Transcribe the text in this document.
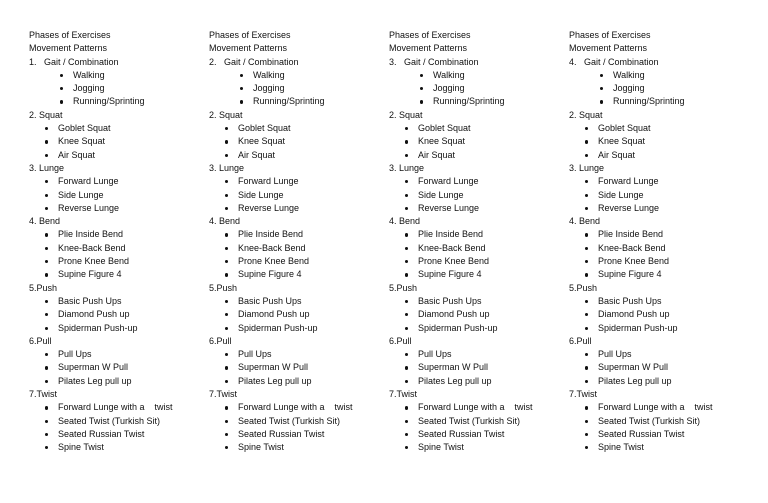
Phases of Exercises
Movement Patterns
1.   Gait / Combination
Walking
Jogging
Running/Sprinting
2. Squat
Goblet Squat
Knee Squat
Air Squat
3. Lunge
Forward Lunge
Side Lunge
Reverse Lunge
4. Bend
Plie Inside Bend
Knee-Back Bend
Prone Knee Bend
Supine Figure 4
5.Push
Basic Push Ups
Diamond Push up
Spiderman Push-up
6.Pull
Pull Ups
Superman W Pull
Pilates Leg pull up
7.Twist
Forward Lunge with a    twist
Seated Twist (Turkish Sit)
Seated Russian Twist
Spine Twist
Phases of Exercises
Movement Patterns
2.   Gait / Combination
Walking
Jogging
Running/Sprinting
2. Squat
Goblet Squat
Knee Squat
Air Squat
3. Lunge
Forward Lunge
Side Lunge
Reverse Lunge
4. Bend
Plie Inside Bend
Knee-Back Bend
Prone Knee Bend
Supine Figure 4
5.Push
Basic Push Ups
Diamond Push up
Spiderman Push-up
6.Pull
Pull Ups
Superman W Pull
Pilates Leg pull up
7.Twist
Forward Lunge with a    twist
Seated Twist (Turkish Sit)
Seated Russian Twist
Spine Twist
Phases of Exercises
Movement Patterns
3.   Gait / Combination
Walking
Jogging
Running/Sprinting
2. Squat
Goblet Squat
Knee Squat
Air Squat
3. Lunge
Forward Lunge
Side Lunge
Reverse Lunge
4. Bend
Plie Inside Bend
Knee-Back Bend
Prone Knee Bend
Supine Figure 4
5.Push
Basic Push Ups
Diamond Push up
Spiderman Push-up
6.Pull
Pull Ups
Superman W Pull
Pilates Leg pull up
7.Twist
Forward Lunge with a    twist
Seated Twist (Turkish Sit)
Seated Russian Twist
Spine Twist
Phases of Exercises
Movement Patterns
4.   Gait / Combination
Walking
Jogging
Running/Sprinting
2. Squat
Goblet Squat
Knee Squat
Air Squat
3. Lunge
Forward Lunge
Side Lunge
Reverse Lunge
4. Bend
Plie Inside Bend
Knee-Back Bend
Prone Knee Bend
Supine Figure 4
5.Push
Basic Push Ups
Diamond Push up
Spiderman Push-up
6.Pull
Pull Ups
Superman W Pull
Pilates Leg pull up
7.Twist
Forward Lunge with a    twist
Seated Twist (Turkish Sit)
Seated Russian Twist
Spine Twist
